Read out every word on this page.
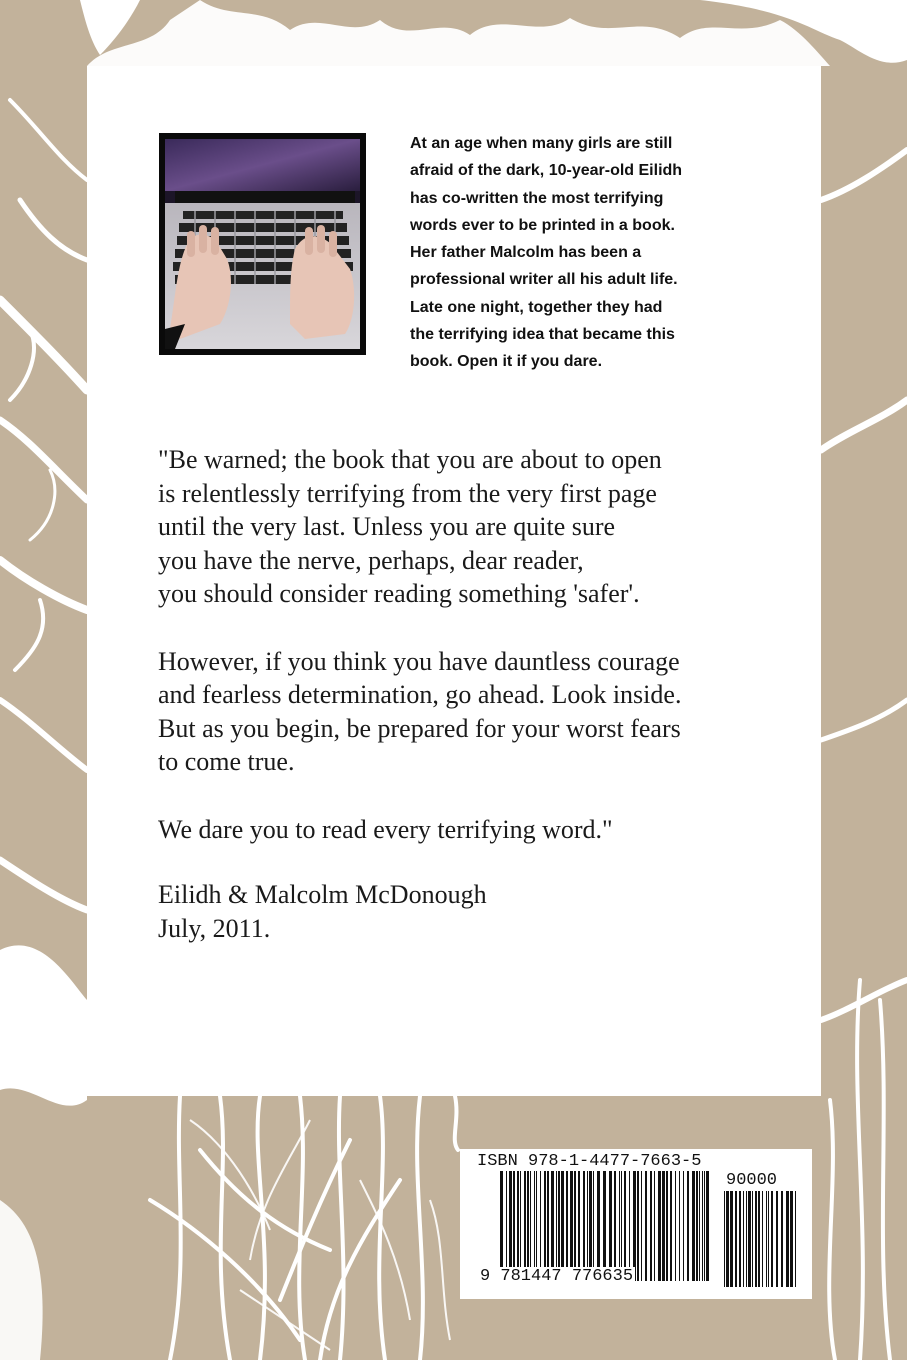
At an age when many girls are still
afraid of the dark, 10-year-old Eilidh
has co-written the most terrifying
words ever to be printed in a book.
Her father Malcolm has been a
professional writer all his adult life.
Late one night, together they had
the terrifying idea that became this
book. Open it if you dare.
"Be warned; the book that you are about to open
is relentlessly terrifying from the very first page
until the very last. Unless you are quite sure
you have the nerve, perhaps, dear reader,
you should consider reading something 'safer'.
However, if you think you have dauntless courage
and fearless determination, go ahead. Look inside.
But as you begin, be prepared for your worst fears
to come true.
We dare you to read every terrifying word."
Eilidh & Malcolm McDonough
July, 2011.
ISBN 978-1-4477-7663-5
90000
9 781447 776635
